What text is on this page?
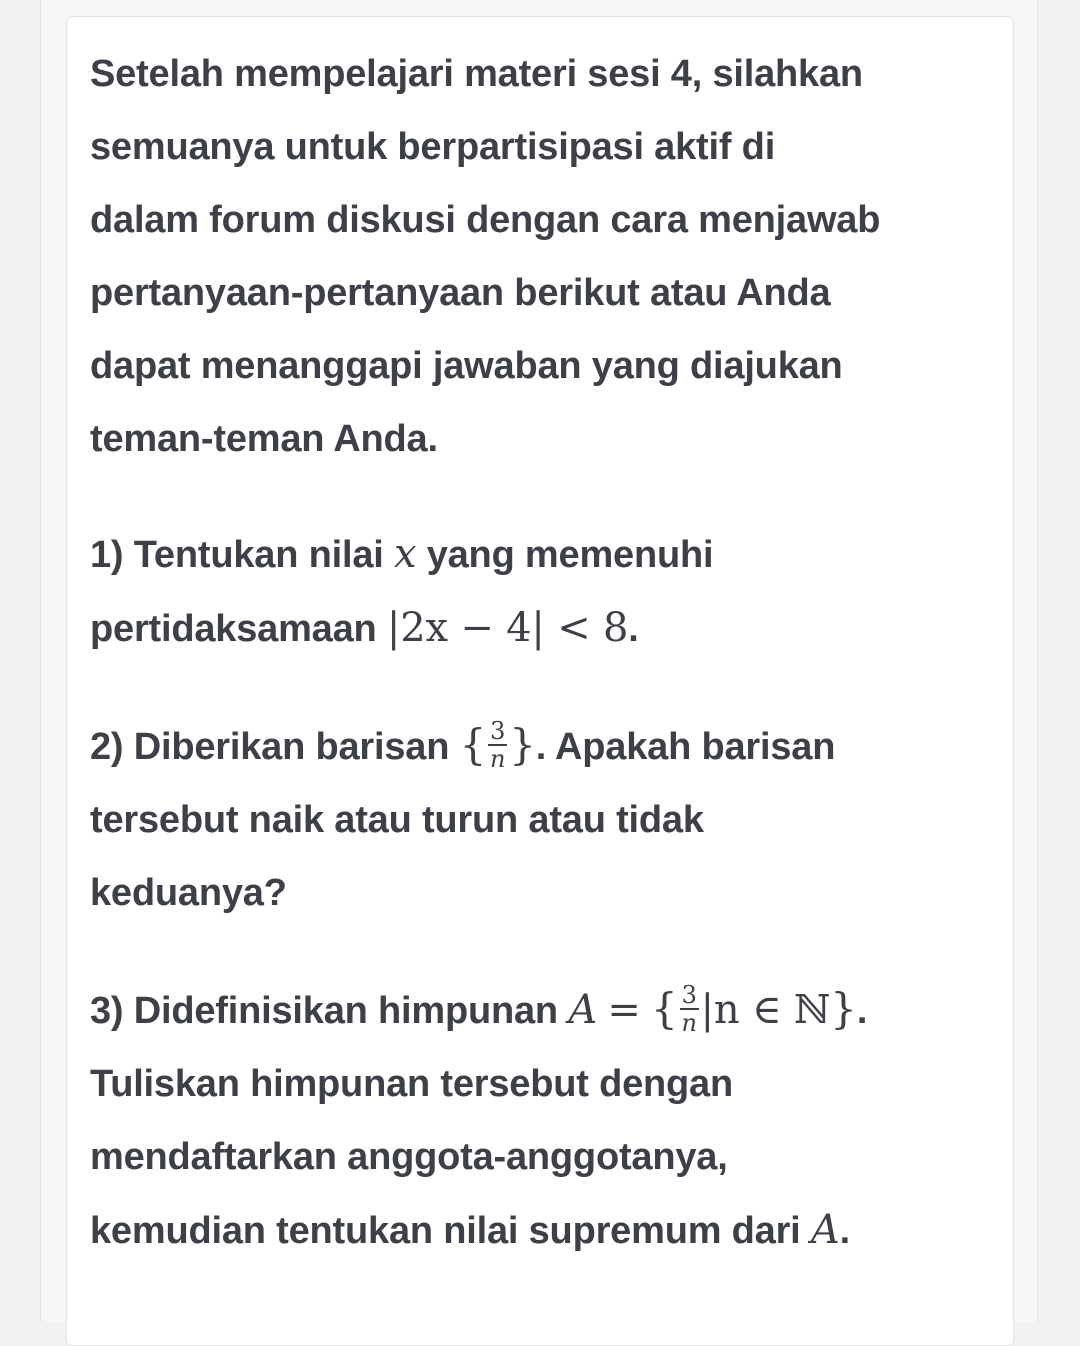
Setelah mempelajari materi sesi 4, silahkan

semuanya untuk berpartisipasi aktif di

dalam forum diskusi dengan cara menjawab

pertanyaan-pertanyaan berikut atau Anda

dapat menanggapi jawaban yang diajukan

teman-teman Anda.

1) Tentukan nilai x yang memenuhi

pertidaksamaan |2x − 4| < 8.

2) Diberikan barisan { $\frac{3}{n}$ }. Apakah barisan

tersebut naik atau turun atau tidak

keduanya?

3) Didefinisikan himpunan A = { $\frac{3}{n} |n$ ∈ ℕ}.

Tuliskan himpunan tersebut dengan

mendaftarkan anggota-anggotanya,

kemudian tentukan nilai supremum dari A.
